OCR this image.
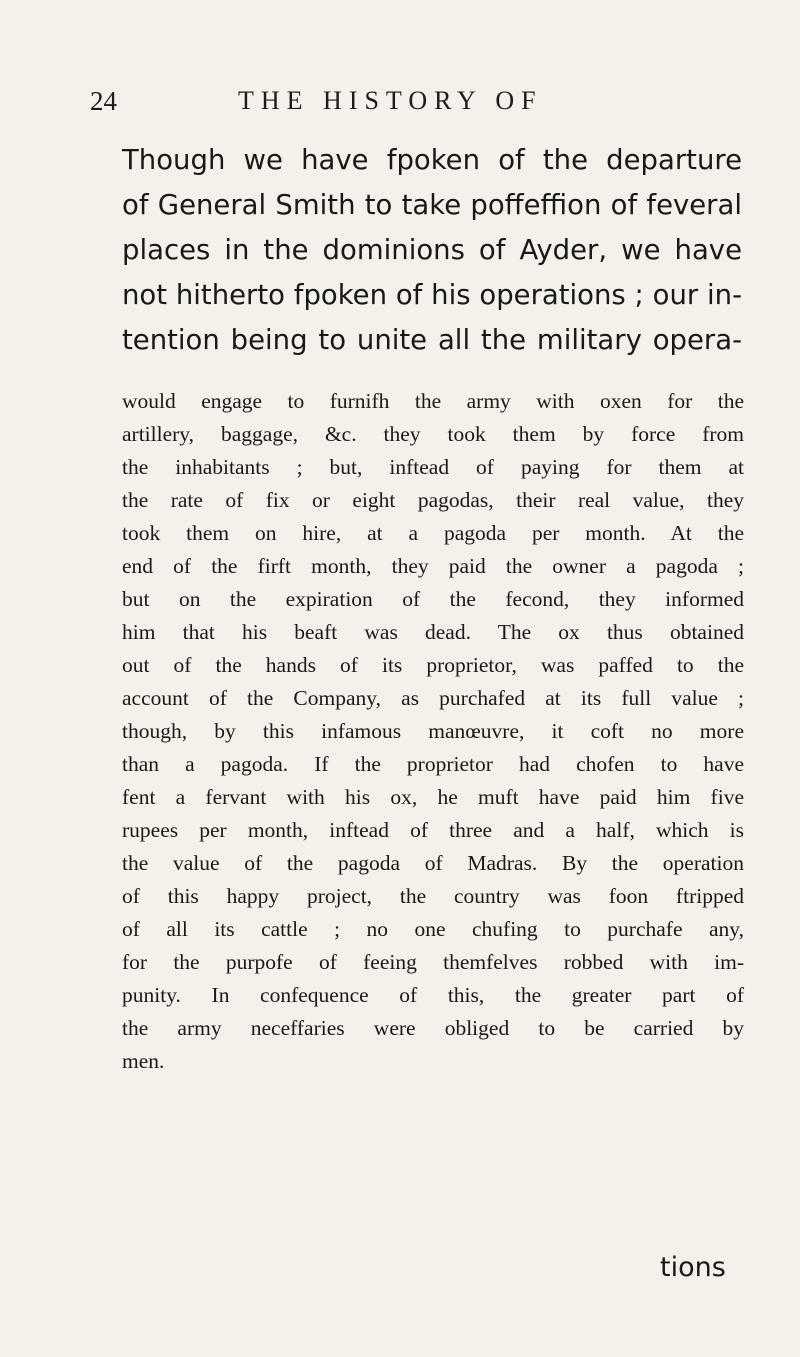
24	THE HISTORY OF
Though we have fpoken of the departure
of General Smith to take poffeffion of feveral
places in the dominions of Ayder, we have
not hitherto fpoken of his operations ; our in-
tention being to unite all the military opera-
would engage to furnifh the army with oxen for the
artillery, baggage, &c. they took them by force from
the inhabitants ; but, inftead of paying for them at
the rate of fix or eight pagodas, their real value, they
took them on hire, at a pagoda per month. At the
end of the firft month, they paid the owner a pagoda ;
but on the expiration of the fecond, they informed
him that his beaft was dead. The ox thus obtained
out of the hands of its proprietor, was paffed to the
account of the Company, as purchafed at its full value ;
though, by this infamous manœuvre, it coft no more
than a pagoda. If the proprietor had chofen to have
fent a fervant with his ox, he muft have paid him five
rupees per month, inftead of three and a half, which is
the value of the pagoda of Madras. By the operation
of this happy project, the country was foon ftripped
of all its cattle ; no one chufing to purchafe any,
for the purpofe of feeing themfelves robbed with im-
punity. In confequence of this, the greater part of
the army neceffaries were obliged to be carried by
men.
tions
